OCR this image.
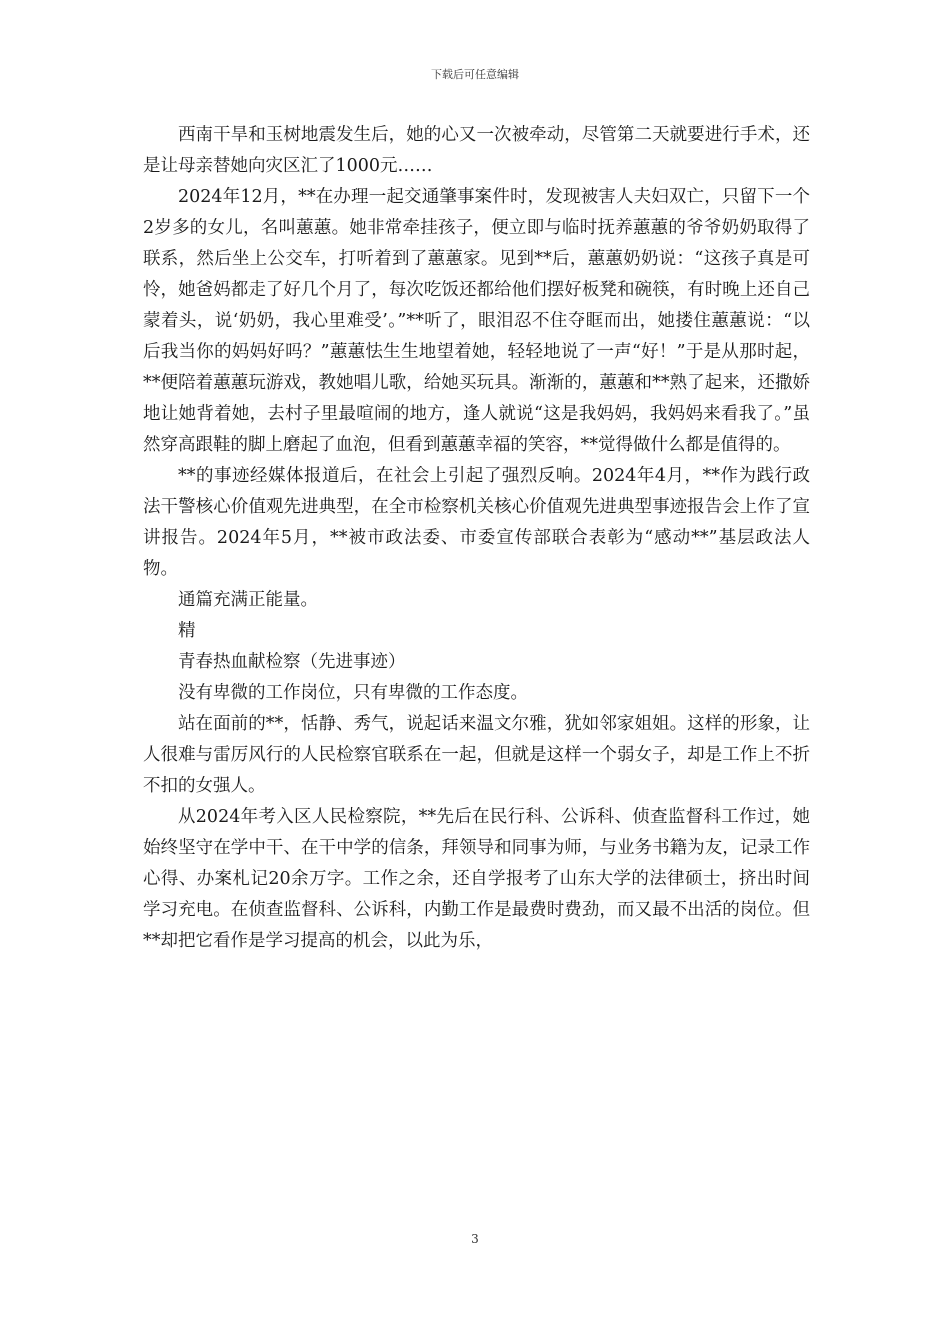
下载后可任意编辑

西南干旱和玉树地震发生后，她的心又一次被牵动，尽管第二天就要进行手术，还是让母亲替她向灾区汇了1000元……

2024年12月，**在办理一起交通肇事案件时，发现被害人夫妇双亡，只留下一个2岁多的女儿，名叫蕙蕙。她非常牵挂孩子，便立即与临时抚养蕙蕙的爷爷奶奶取得了联系，然后坐上公交车，打听着到了蕙蕙家。见到**后，蕙蕙奶奶说：“这孩子真是可怜，她爸妈都走了好几个月了，每次吃饭还都给他们摆好板凳和碗筷，有时晚上还自己蒙着头，说‘奶奶，我心里难受’。”**听了，眼泪忍不住夺眶而出，她搂住蕙蕙说：“以后我当你的妈妈好吗？”蕙蕙怯生生地望着她，轻轻地说了一声“好！”于是从那时起，**便陪着蕙蕙玩游戏，教她唱儿歌，给她买玩具。渐渐的，蕙蕙和**熟了起来，还撒娇地让她背着她，去村子里最喧闹的地方，逢人就说“这是我妈妈，我妈妈来看我了。”虽然穿高跟鞋的脚上磨起了血泡，但看到蕙蕙幸福的笑容，**觉得做什么都是值得的。

**的事迹经媒体报道后，在社会上引起了强烈反响。2024年4月，**作为践行政法干警核心价值观先进典型，在全市检察机关核心价值观先进典型事迹报告会上作了宣讲报告。2024年5月，**被市政法委、市委宣传部联合表彰为“感动**”基层政法人物。

通篇充满正能量。

精

青春热血献检察（先进事迹）

没有卑微的工作岗位，只有卑微的工作态度。

站在面前的**，恬静、秀气，说起话来温文尔雅，犹如邻家姐姐。这样的形象，让人很难与雷厉风行的人民检察官联系在一起，但就是这样一个弱女子，却是工作上不折不扣的女强人。

从2024年考入区人民检察院，**先后在民行科、公诉科、侦查监督科工作过，她始终坚守在学中干、在干中学的信条，拜领导和同事为师，与业务书籍为友，记录工作心得、办案札记20余万字。工作之余，还自学报考了山东大学的法律硕士，挤出时间学习充电。在侦查监督科、公诉科，内勤工作是最费时费劲，而又最不出活的岗位。但**却把它看作是学习提高的机会，以此为乐，

3
